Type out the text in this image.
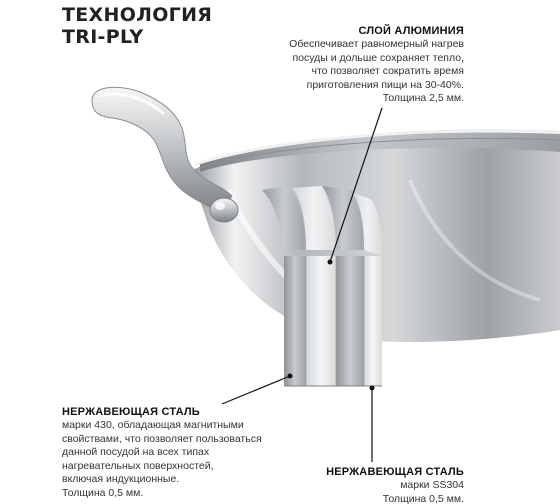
ТЕХНОЛОГИЯ
TRI-PLY	СЛОЙ АЛЮМИНИЯ
Обеспечивает равномерный нагрев
посуды и дольше сохраняет тепло,
что позволяет сократить время
приготовления пищи на 30-40%.
Толщина 2,5 мм.
НЕРЖАВЕЮЩАЯ СТАЛЬ
марки 430, обладающая магнитными
свойствами, что позволяет пользоваться
данной посудой на всех типах
нагревательных поверхностей,
включая индукционные.
Толщина 0,5 мм.
НЕРЖАВЕЮЩАЯ СТАЛЬ
марки SS304
Толщина 0,5 мм.
